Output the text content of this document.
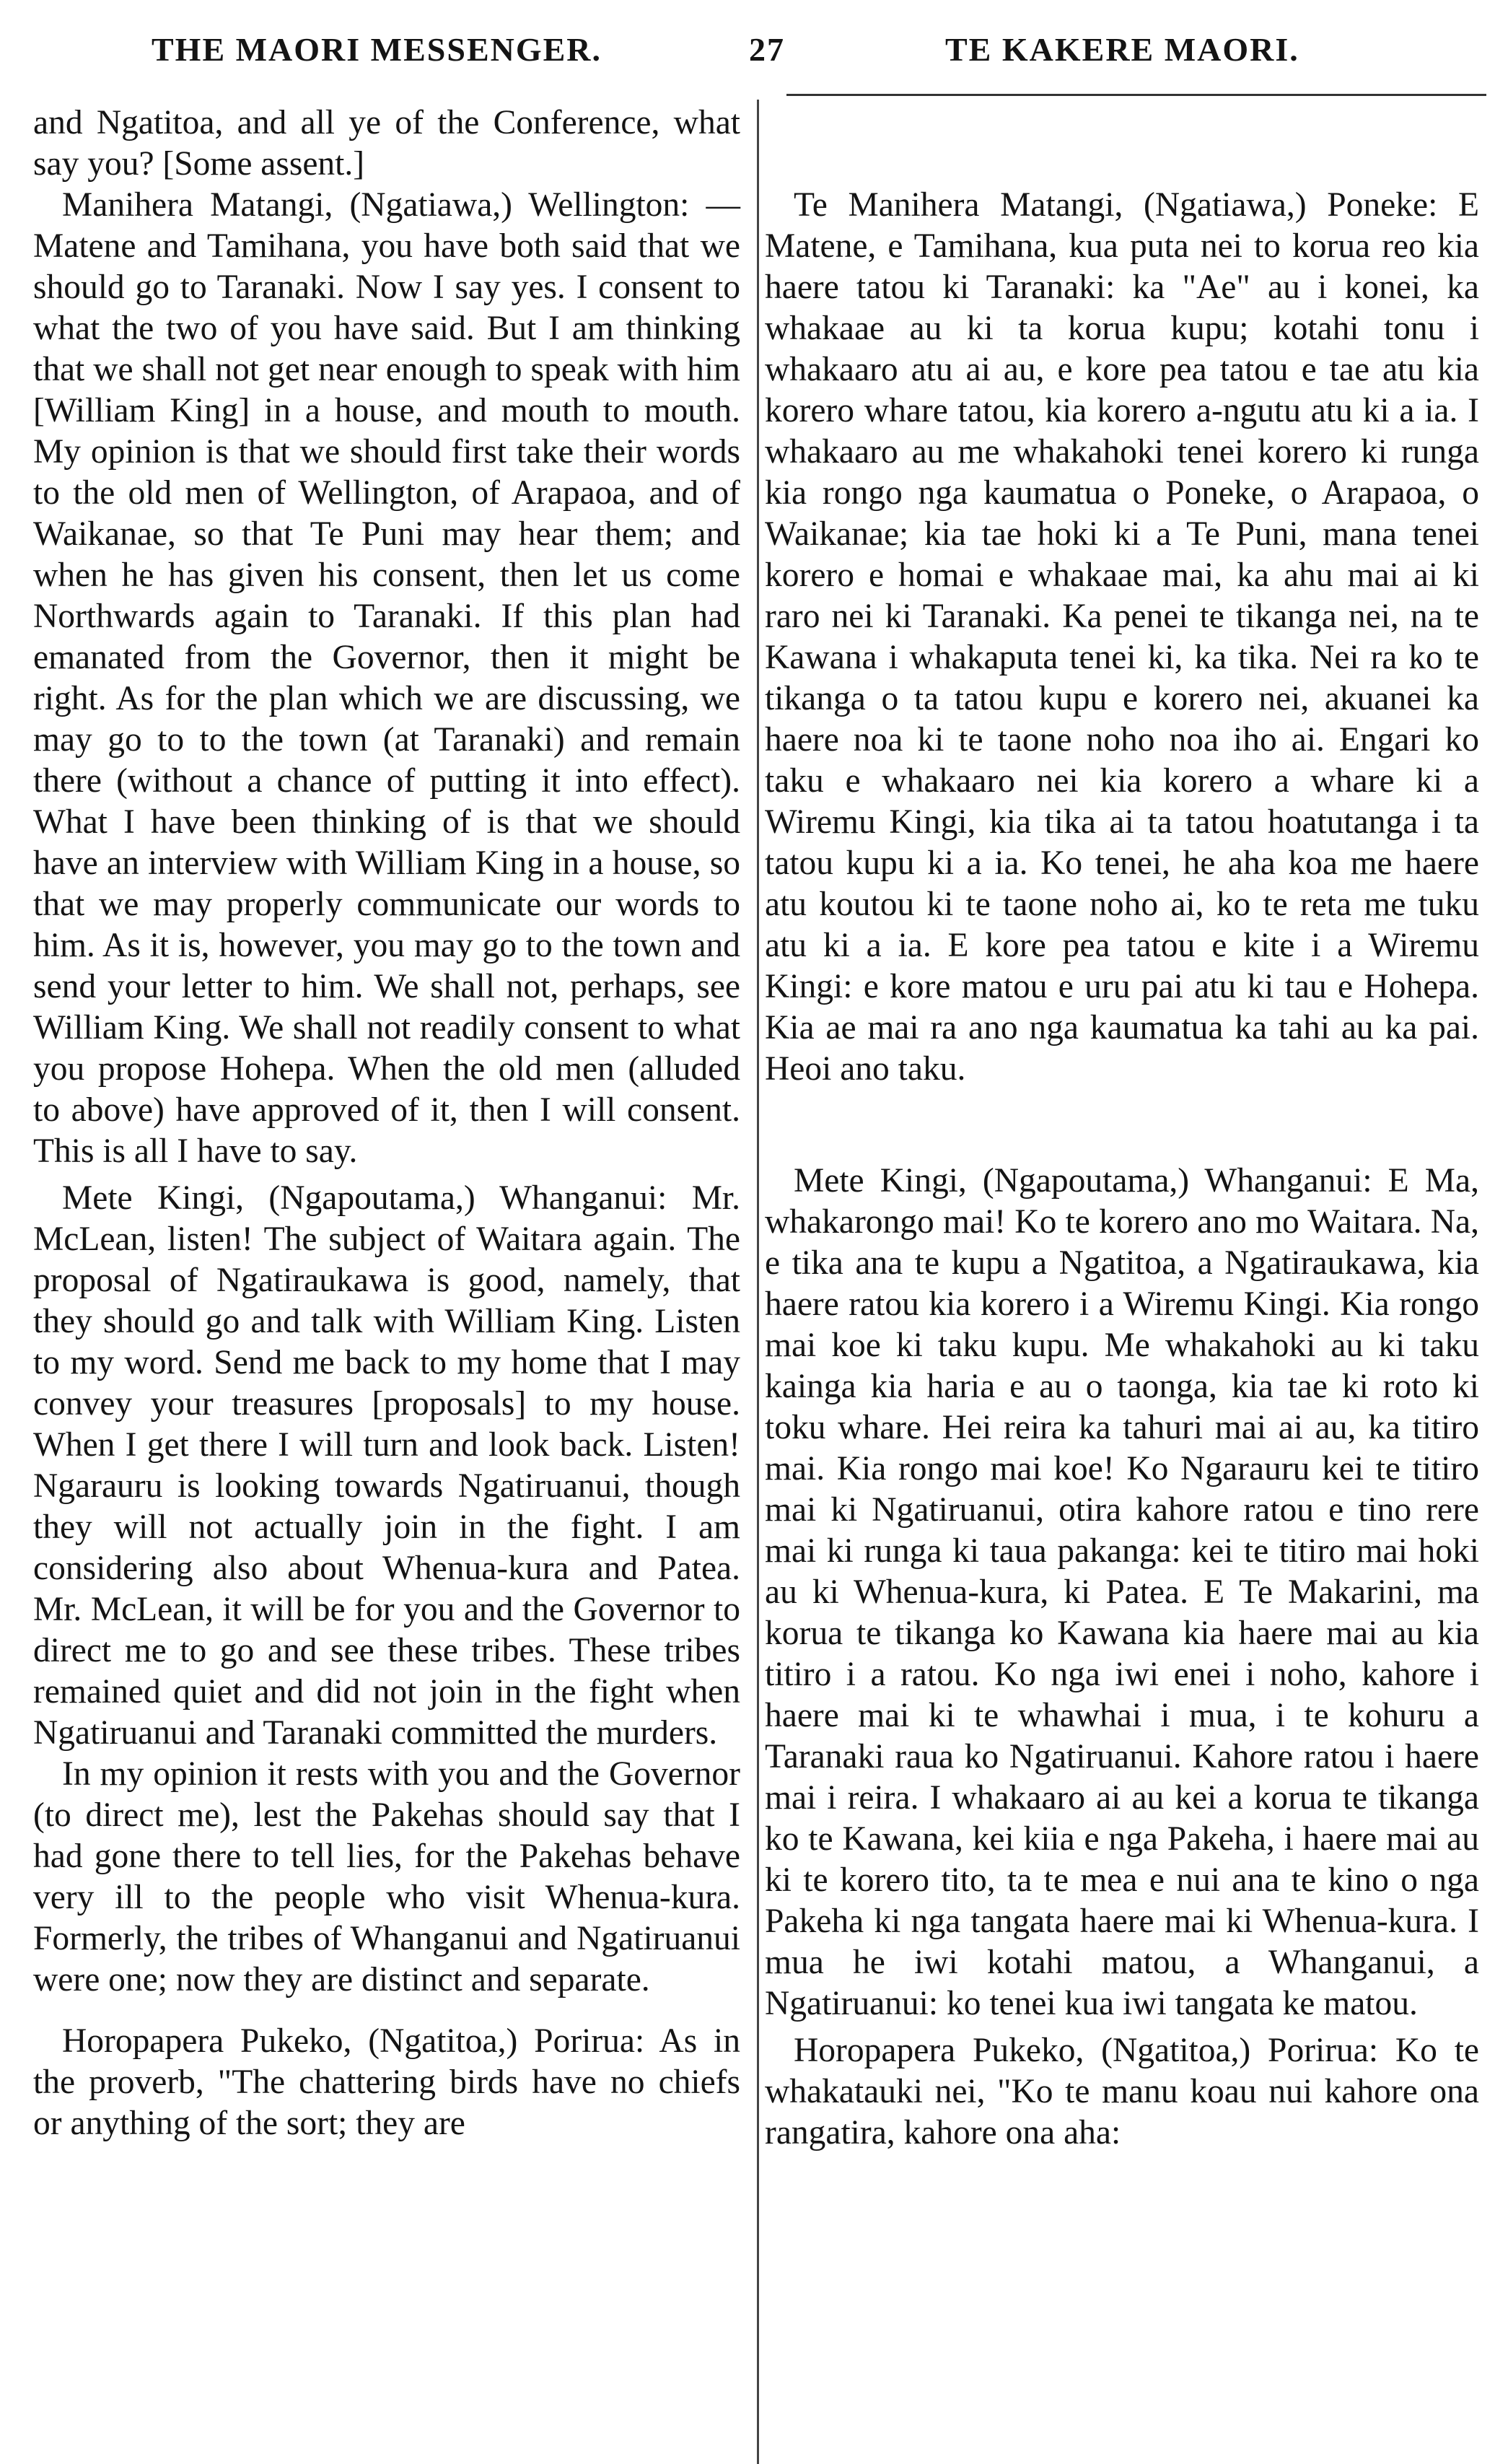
THE MAORI MESSENGER.	27	TE KAKERE MAORI.

and Ngatitoa, and all ye of the Conference, what say you? [Some assent.]

Manihera Matangi, (Ngatiawa,) Wellington: —Matene and Tamihana, you have both said that we should go to Taranaki. Now I say yes. I consent to what the two of you have said. But I am thinking that we shall not get near enough to speak with him [William King] in a house, and mouth to mouth. My opinion is that we should first take their words to the old men of Wellington, of Arapaoa, and of Waikanae, so that Te Puni may hear them; and when he has given his consent, then let us come Northwards again to Taranaki. If this plan had emanated from the Governor, then it might be right. As for the plan which we are discussing, we may go to to the town (at Taranaki) and remain there (without a chance of putting it into effect). What I have been thinking of is that we should have an interview with William King in a house, so that we may properly communicate our words to him. As it is, however, you may go to the town and send your letter to him. We shall not, perhaps, see William King. We shall not readily consent to what you propose Hohepa. When the old men (alluded to above) have approved of it, then I will consent. This is all I have to say.

Mete Kingi, (Ngapoutama,) Whanganui: Mr. McLean, listen! The subject of Waitara again. The proposal of Ngatiraukawa is good, namely, that they should go and talk with William King. Listen to my word. Send me back to my home that I may convey your treasures [proposals] to my house. When I get there I will turn and look back. Listen! Ngarauru is looking towards Ngatiruanui, though they will not actually join in the fight. I am considering also about Whenua-kura and Patea. Mr. McLean, it will be for you and the Governor to direct me to go and see these tribes. These tribes remained quiet and did not join in the fight when Ngatiruanui and Taranaki committed the murders.

In my opinion it rests with you and the Governor (to direct me), lest the Pakehas should say that I had gone there to tell lies, for the Pakehas behave very ill to the people who visit Whenua-kura. Formerly, the tribes of Whanganui and Ngatiruanui were one; now they are distinct and separate.

Horopapera Pukeko, (Ngatitoa,) Porirua: As in the proverb, "The chattering birds have no chiefs or anything of the sort; they are

Te Manihera Matangi, (Ngatiawa,) Poneke: E Matene, e Tamihana, kua puta nei to korua reo kia haere tatou ki Taranaki: ka "Ae" au i konei, ka whakaae au ki ta korua kupu; kotahi tonu i whakaaro atu ai au, e kore pea tatou e tae atu kia korero whare tatou, kia korero a-ngutu atu ki a ia. I whakaaro au me whakahoki tenei korero ki runga kia rongo nga kaumatua o Poneke, o Arapaoa, o Waikanae; kia tae hoki ki a Te Puni, mana tenei korero e homai e whakaae mai, ka ahu mai ai ki raro nei ki Taranaki. Ka penei te tikanga nei, na te Kawana i whakaputa tenei ki, ka tika. Nei ra ko te tikanga o ta tatou kupu e korero nei, akuanei ka haere noa ki te taone noho noa iho ai. Engari ko taku e whakaaro nei kia korero a whare ki a Wiremu Kingi, kia tika ai ta tatou hoatutanga i ta tatou kupu ki a ia. Ko tenei, he aha koa me haere atu koutou ki te taone noho ai, ko te reta me tuku atu ki a ia. E kore pea tatou e kite i a Wiremu Kingi: e kore matou e uru pai atu ki tau e Hohepa. Kia ae mai ra ano nga kaumatua ka tahi au ka pai. Heoi ano taku.

Mete Kingi, (Ngapoutama,) Whanganui: E Ma, whakarongo mai! Ko te korero ano mo Waitara. Na, e tika ana te kupu a Ngatitoa, a Ngatiraukawa, kia haere ratou kia korero i a Wiremu Kingi. Kia rongo mai koe ki taku kupu. Me whakahoki au ki taku kainga kia haria e au o taonga, kia tae ki roto ki toku whare. Hei reira ka tahuri mai ai au, ka titiro mai. Kia rongo mai koe! Ko Ngarauru kei te titiro mai ki Ngatiruanui, otira kahore ratou e tino rere mai ki runga ki taua pakanga: kei te titiro mai hoki au ki Whenua-kura, ki Patea. E Te Makarini, ma korua te tikanga ko Kawana kia haere mai au kia titiro i a ratou. Ko nga iwi enei i noho, kahore i haere mai ki te whawhai i mua, i te kohuru a Taranaki raua ko Ngatiruanui. Kahore ratou i haere mai i reira. I whakaaro ai au kei a korua te tikanga ko te Kawana, kei kiia e nga Pakeha, i haere mai au ki te korero tito, ta te mea e nui ana te kino o nga Pakeha ki nga tangata haere mai ki Whenua-kura. I mua he iwi kotahi matou, a Whanganui, a Ngatiruanui: ko tenei kua iwi tangata ke matou.

Horopapera Pukeko, (Ngatitoa,) Porirua: Ko te whakatauki nei, "Ko te manu koau nui kahore ona rangatira, kahore ona aha:
